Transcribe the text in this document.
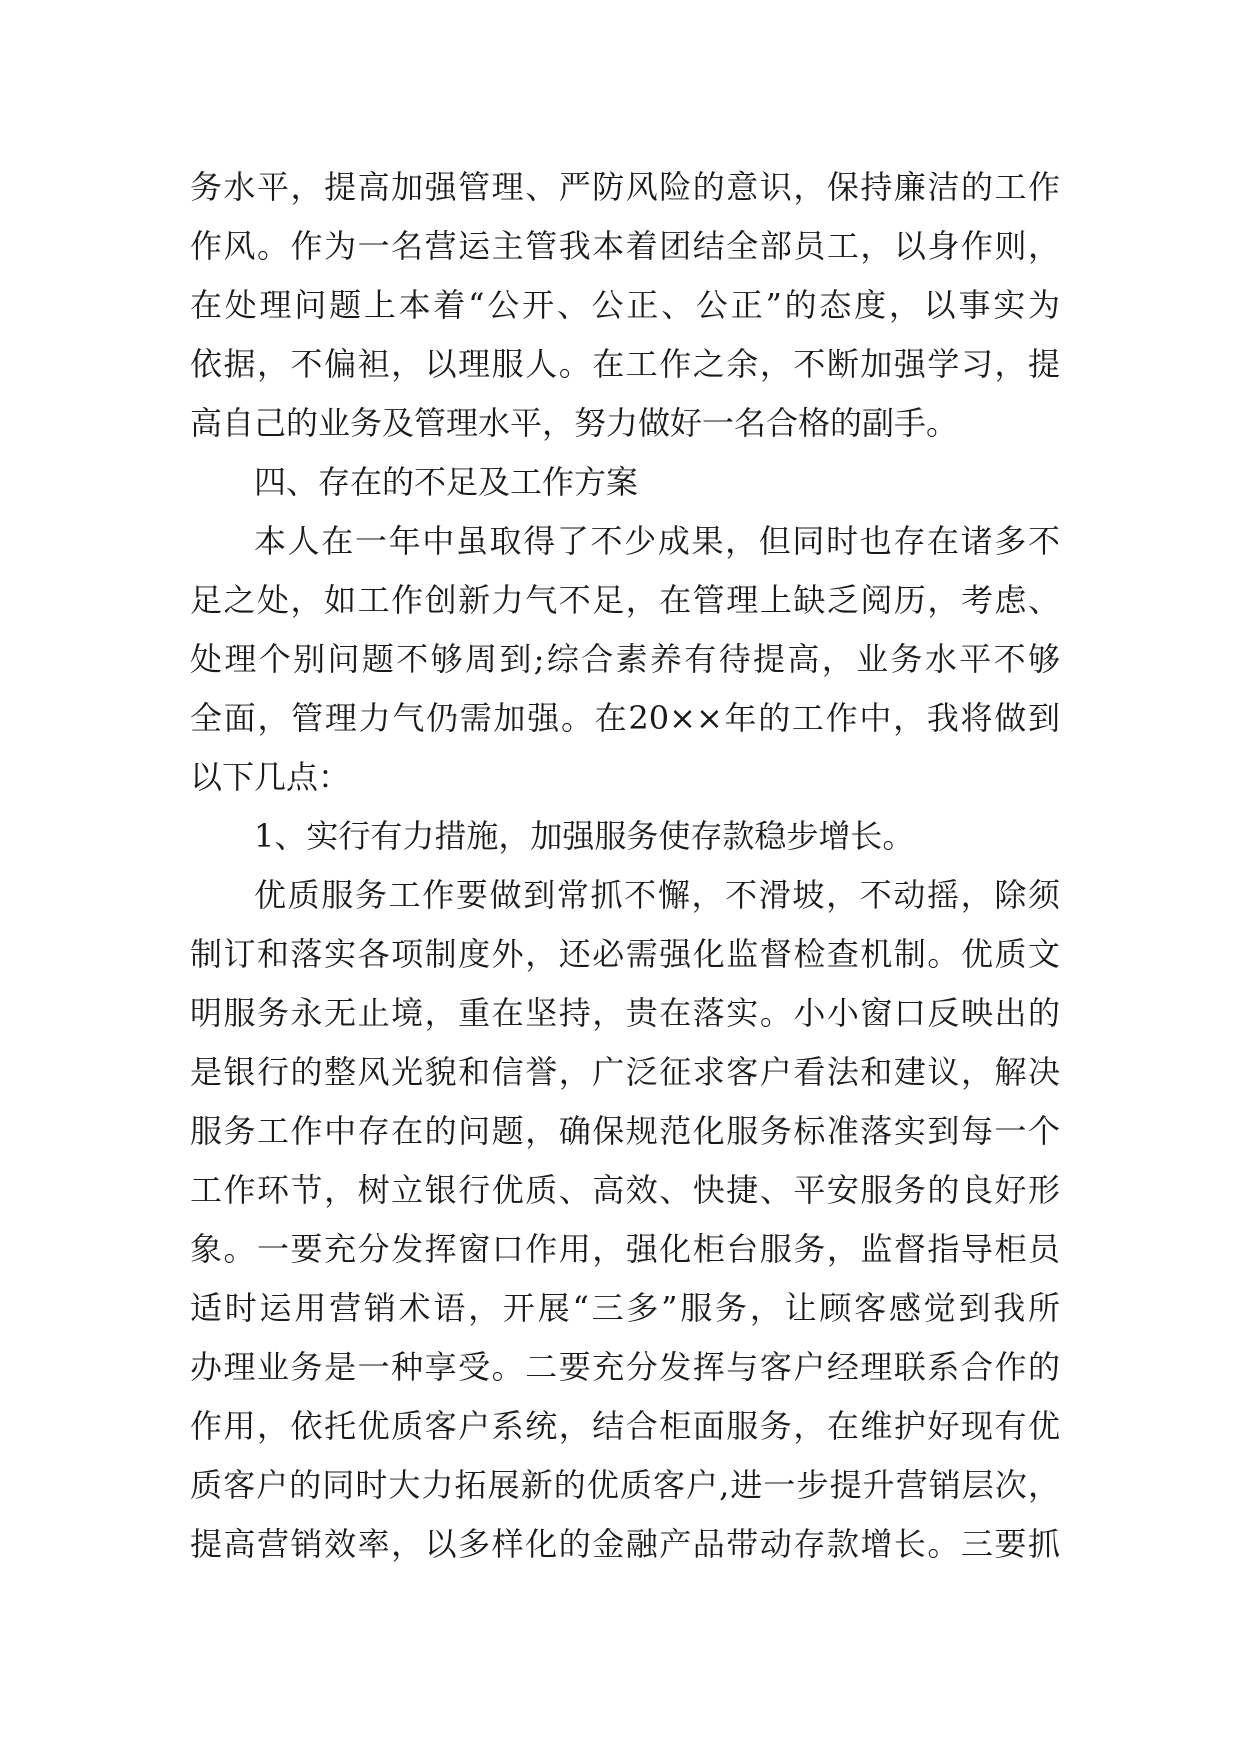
务水平，提高加强管理、严防风险的意识，保持廉洁的工作
作风。作为一名营运主管我本着团结全部员工，以身作则，
在处理问题上本着“公开、公正、公正”的态度，以事实为
依据，不偏袒，以理服人。在工作之余，不断加强学习，提
高自己的业务及管理水平，努力做好一名合格的副手。
四、存在的不足及工作方案
本人在一年中虽取得了不少成果，但同时也存在诸多不
足之处，如工作创新力气不足，在管理上缺乏阅历，考虑、
处理个别问题不够周到;综合素养有待提高，业务水平不够
全面，管理力气仍需加强。在20××年的工作中，我将做到
以下几点：
1、实行有力措施，加强服务使存款稳步增长。
优质服务工作要做到常抓不懈，不滑坡，不动摇，除须
制订和落实各项制度外，还必需强化监督检查机制。优质文
明服务永无止境，重在坚持，贵在落实。小小窗口反映出的
是银行的整风光貌和信誉，广泛征求客户看法和建议，解决
服务工作中存在的问题，确保规范化服务标准落实到每一个
工作环节，树立银行优质、高效、快捷、平安服务的良好形
象。一要充分发挥窗口作用，强化柜台服务，监督指导柜员
适时运用营销术语，开展“三多”服务，让顾客感觉到我所
办理业务是一种享受。二要充分发挥与客户经理联系合作的
作用，依托优质客户系统，结合柜面服务，在维护好现有优
质客户的同时大力拓展新的优质客户,进一步提升营销层次，
提高营销效率，以多样化的金融产品带动存款增长。三要抓
